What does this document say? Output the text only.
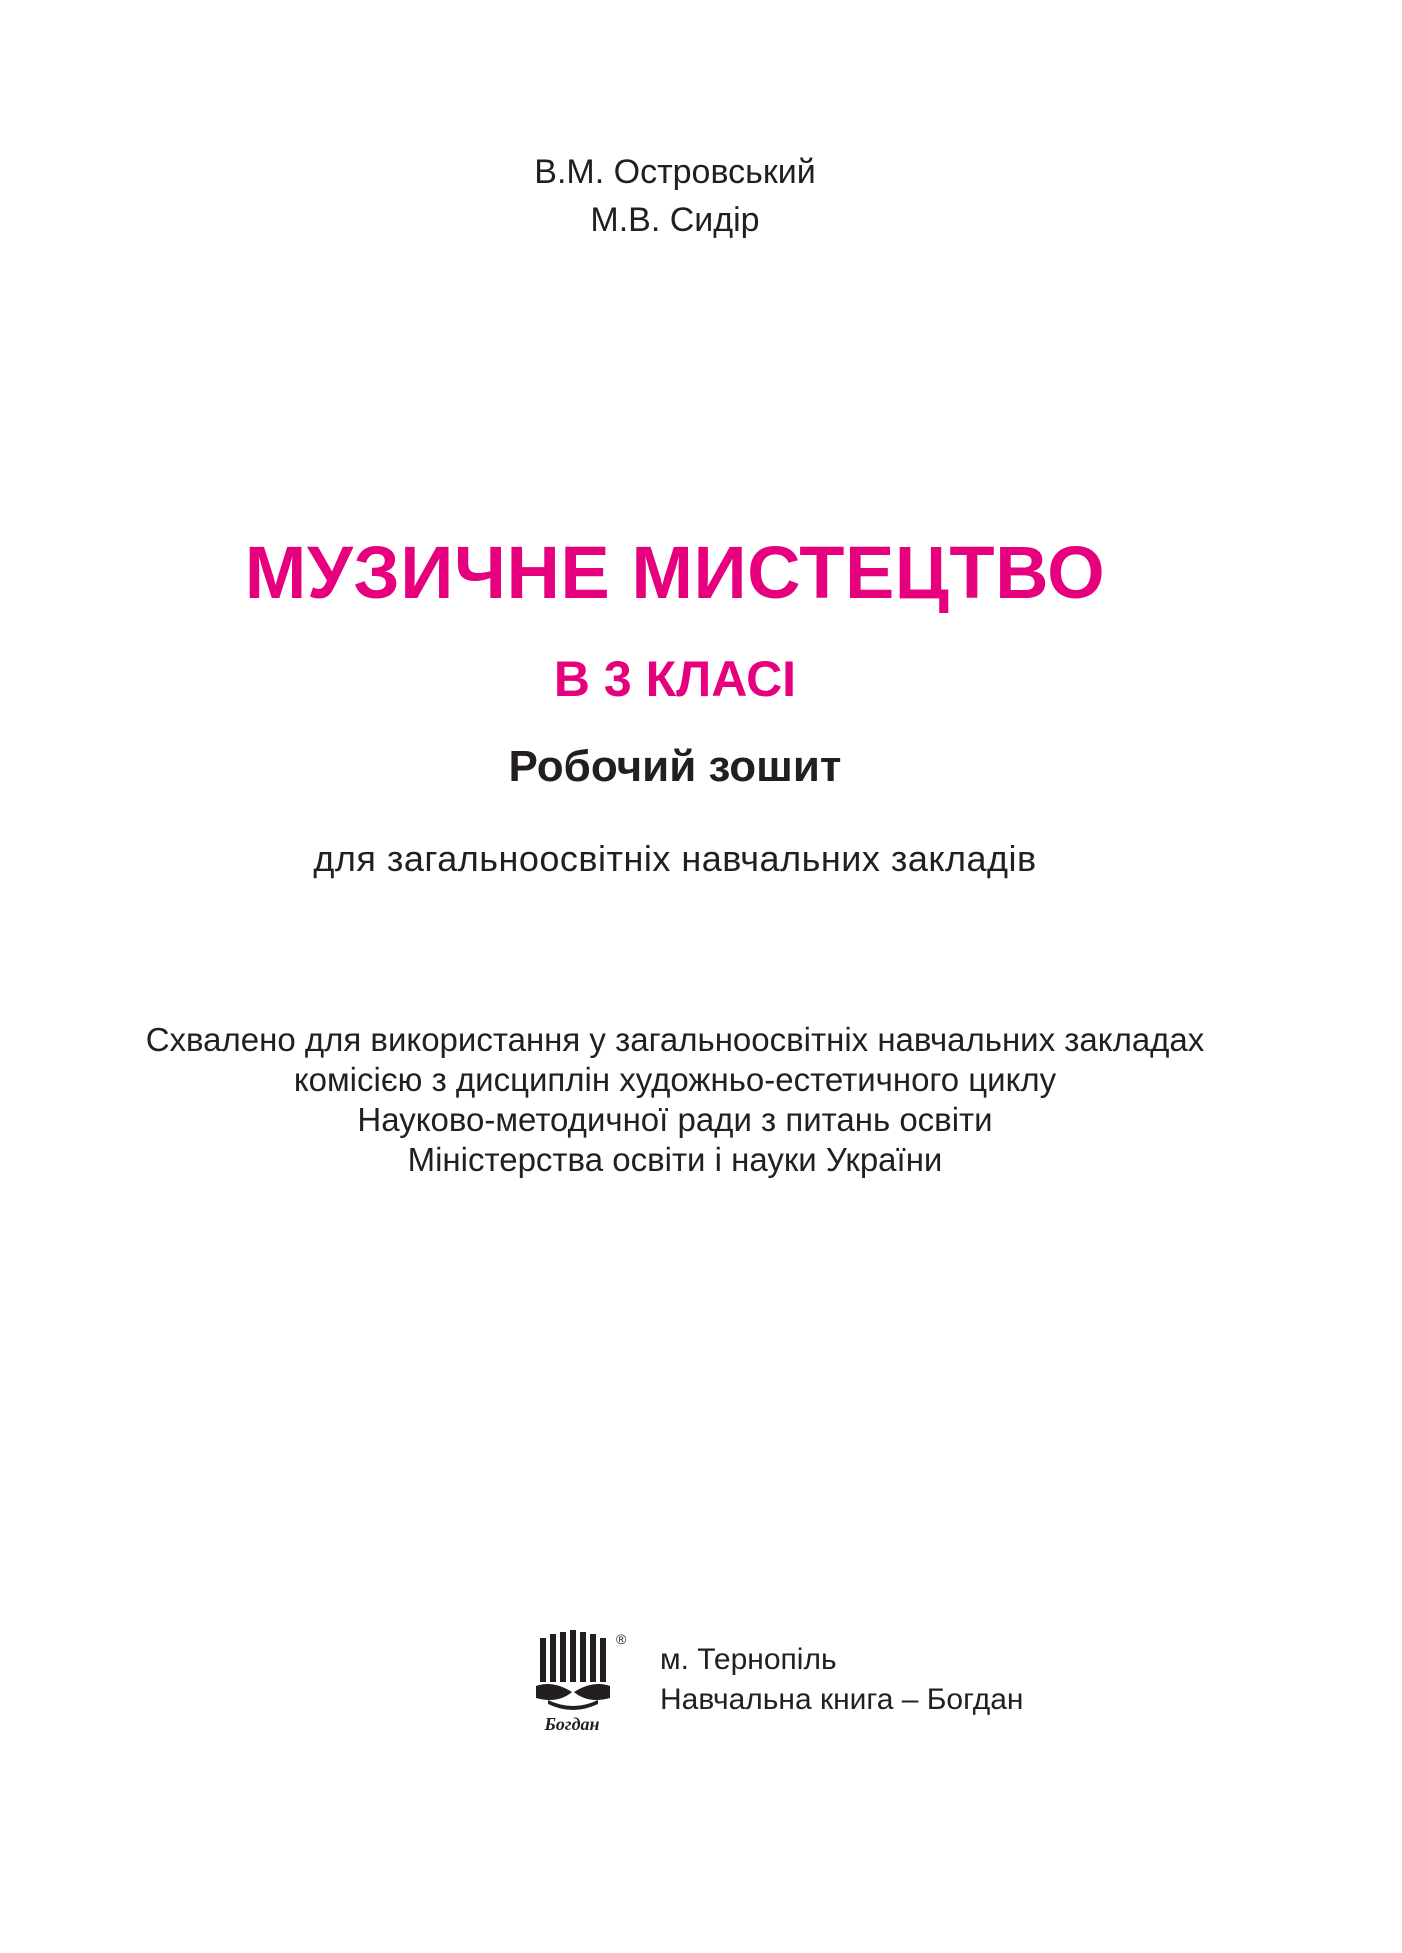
В.М. Островський
М.В. Сидір
МУЗИЧНЕ МИСТЕЦТВО
В 3 КЛАСІ
Робочий зошит
для загальноосвітніх навчальних закладів
Схвалено для використання у загальноосвітніх навчальних закладах
комісією з дисциплін художньо-естетичного циклу
Науково-методичної ради з питань освіти
Міністерства освіти і науки України
Богдан
®
м. Тернопіль
Навчальна книга – Богдан
